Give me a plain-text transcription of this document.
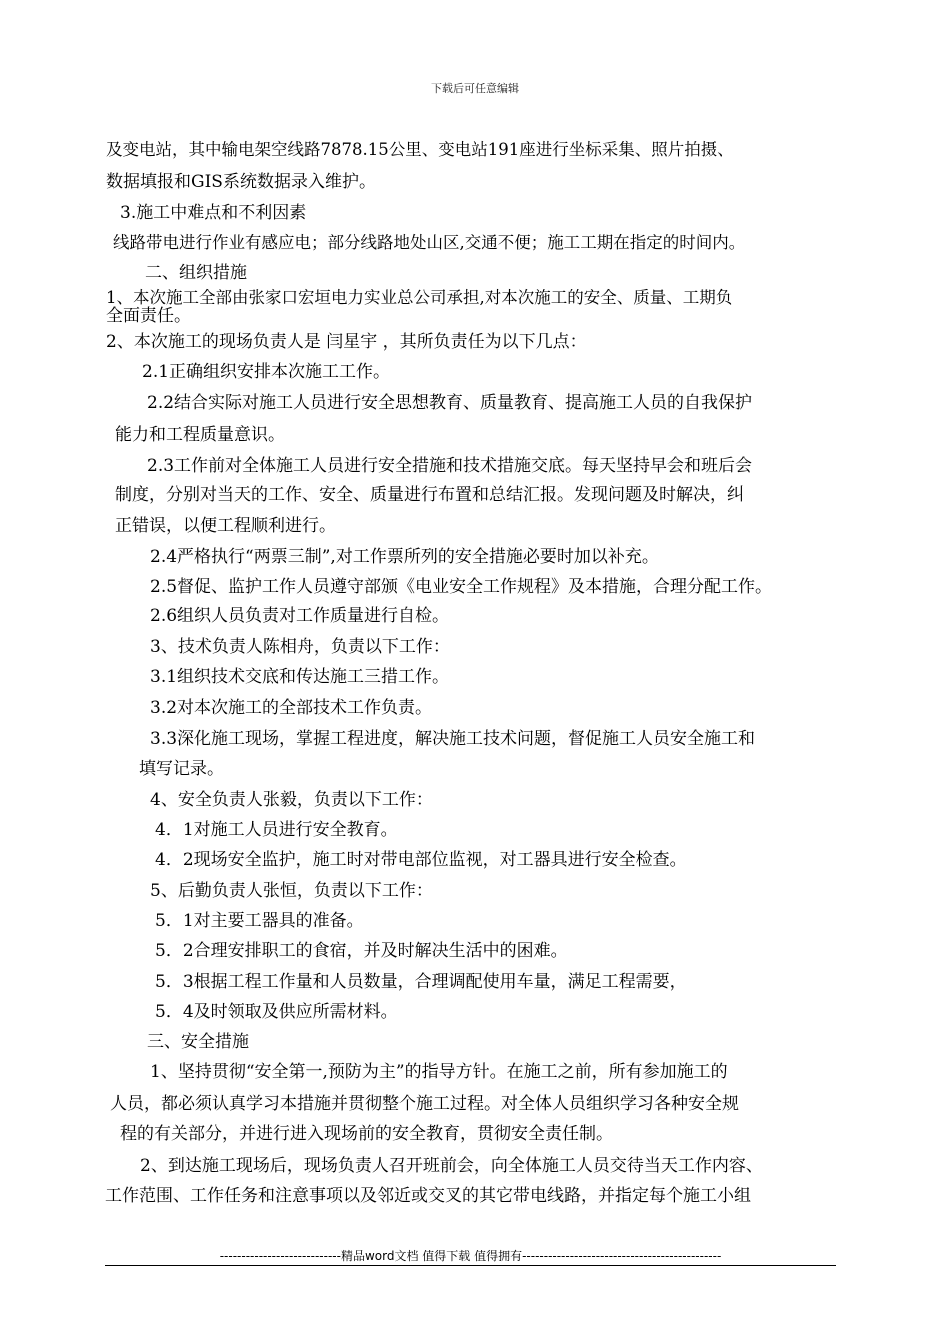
下载后可任意编辑
及变电站，其中输电架空线路7878.15公里、变电站191座进行坐标采集、照片拍摄、
数据填报和GIS系统数据录入维护。
3.施工中难点和不利因素
线路带电进行作业有感应电；部分线路地处山区,交通不便；施工工期在指定的时间内。
二、组织措施
1、本次施工全部由张家口宏垣电力实业总公司承担,对本次施工的安全、质量、工期负
全面责任。
2、本次施工的现场负责人是 闫星宇 ，其所负责任为以下几点：
2.1正确组织安排本次施工工作。
2.2结合实际对施工人员进行安全思想教育、质量教育、提高施工人员的自我保护
能力和工程质量意识。
2.3工作前对全体施工人员进行安全措施和技术措施交底。每天坚持早会和班后会
制度，分别对当天的工作、安全、质量进行布置和总结汇报。发现问题及时解决，纠
正错误，以便工程顺利进行。
2.4严格执行“两票三制”,对工作票所列的安全措施必要时加以补充。
2.5督促、监护工作人员遵守部颁《电业安全工作规程》及本措施，合理分配工作。
2.6组织人员负责对工作质量进行自检。
3、技术负责人陈相舟，负责以下工作：
3.1组织技术交底和传达施工三措工作。
3.2对本次施工的全部技术工作负责。
3.3深化施工现场，掌握工程进度，解决施工技术问题，督促施工人员安全施工和
填写记录。
4、安全负责人张毅，负责以下工作：
4．1对施工人员进行安全教育。
4．2现场安全监护，施工时对带电部位监视，对工器具进行安全检查。
5、后勤负责人张恒，负责以下工作：
5．1对主要工器具的准备。
5．2合理安排职工的食宿，并及时解决生活中的困难。
5．3根据工程工作量和人员数量，合理调配使用车量，满足工程需要，
5．4及时领取及供应所需材料。
三、安全措施
1、坚持贯彻“安全第一,预防为主”的指导方针。在施工之前，所有参加施工的
人员，都必须认真学习本措施并贯彻整个施工过程。对全体人员组织学习各种安全规
程的有关部分，并进行进入现场前的安全教育，贯彻安全责任制。
2、到达施工现场后，现场负责人召开班前会，向全体施工人员交待当天工作内容、
工作范围、工作任务和注意事项以及邻近或交叉的其它带电线路，并指定每个施工小组
----------------------------精品word文档 值得下载 值得拥有----------------------------------------------
